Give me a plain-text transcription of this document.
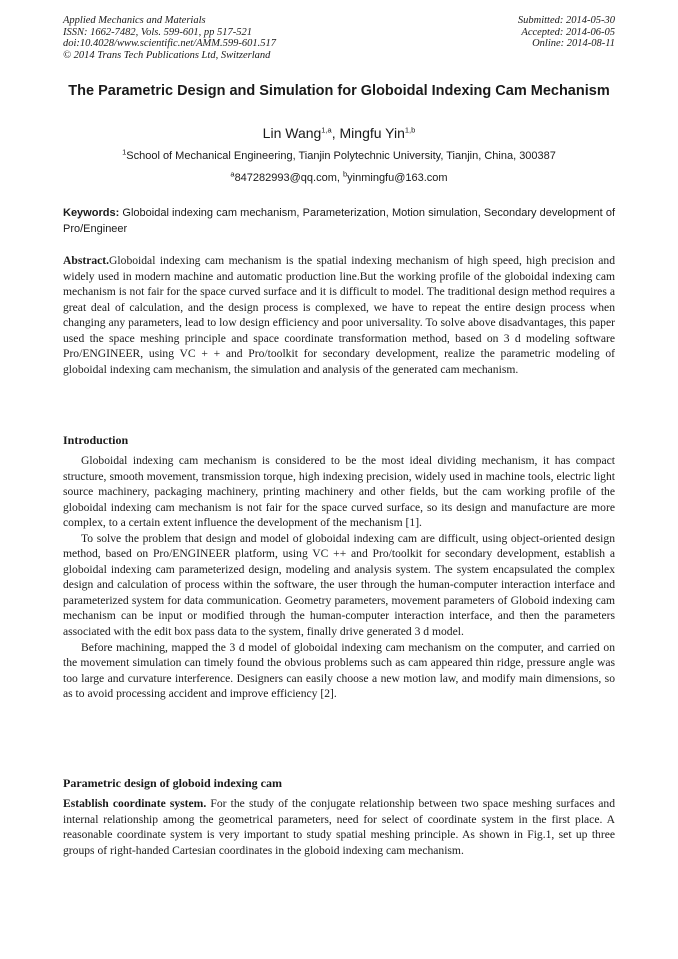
Applied Mechanics and Materials
ISSN: 1662-7482, Vols. 599-601, pp 517-521
doi:10.4028/www.scientific.net/AMM.599-601.517
© 2014 Trans Tech Publications Ltd, Switzerland
Submitted: 2014-05-30
Accepted: 2014-06-05
Online: 2014-08-11
The Parametric Design and Simulation for Globoidal Indexing Cam Mechanism
Lin Wang$^{1,a}$, Mingfu Yin$^{1,b}$
$^1$School of Mechanical Engineering, Tianjin Polytechnic University, Tianjin, China, 300387
$^a$847282993@qq.com, $^b$yinmingfu@163.com
Keywords: Globoidal indexing cam mechanism, Parameterization, Motion simulation, Secondary development of Pro/Engineer
Abstract.Globoidal indexing cam mechanism is the spatial indexing mechanism of high speed, high precision and widely used in modern machine and automatic production line.But the working profile of the globoidal indexing cam mechanism is not fair for the space curved surface and it is difficult to model. The traditional design method requires a great deal of calculation, and the design process is complexed, we have to repeat the entire design process when changing any parameters, lead to low design efficiency and poor universality. To solve above disadvantages, this paper used the space meshing principle and space coordinate transformation method, based on 3 d modeling software Pro/ENGINEER, using VC + + and Pro/toolkit for secondary development, realize the parametric modeling of globoidal indexing cam mechanism, the simulation and analysis of the generated cam mechanism.
Introduction

Globoidal indexing cam mechanism is considered to be the most ideal dividing mechanism, it has compact structure, smooth movement, transmission torque, high indexing precision, widely used in machine tools, electric light source machinery, packaging machinery, printing machinery and other fields, but the cam working profile of the globoidal indexing cam mechanism is not fair for the space curved surface, so its design and manufacture are more complex, to a certain extent influence the development of the mechanism [1].

To solve the problem that design and model of globoidal indexing cam are difficult, using object-oriented design method, based on Pro/ENGINEER platform, using VC ++ and Pro/toolkit for secondary development, establish a globoidal indexing cam parameterized design, modeling and analysis system. The system encapsulated the complex design and calculation of process within the software, the user through the human-computer interaction interface and parameterized system for data communication. Geometry parameters, movement parameters of Globoid indexing cam mechanism can be input or modified through the human-computer interaction interface, and then the parameters associated with the edit box pass data to the system, finally drive generated 3 d model.

Before machining, mapped the 3 d model of globoidal indexing cam mechanism on the computer, and carried on the movement simulation can timely found the obvious problems such as cam appeared thin ridge, pressure angle was too large and curvature interference. Designers can easily choose a new motion law, and modify main dimensions, so as to avoid processing accident and improve efficiency [2].

Parametric design of globoid indexing cam

Establish coordinate system. For the study of the conjugate relationship between two space meshing surfaces and internal relationship among the geometrical parameters, need for select of coordinate system in the first place. A reasonable coordinate system is very important to study spatial meshing principle. As shown in Fig.1, set up three groups of right-handed Cartesian coordinates in the globoid indexing cam mechanism.
